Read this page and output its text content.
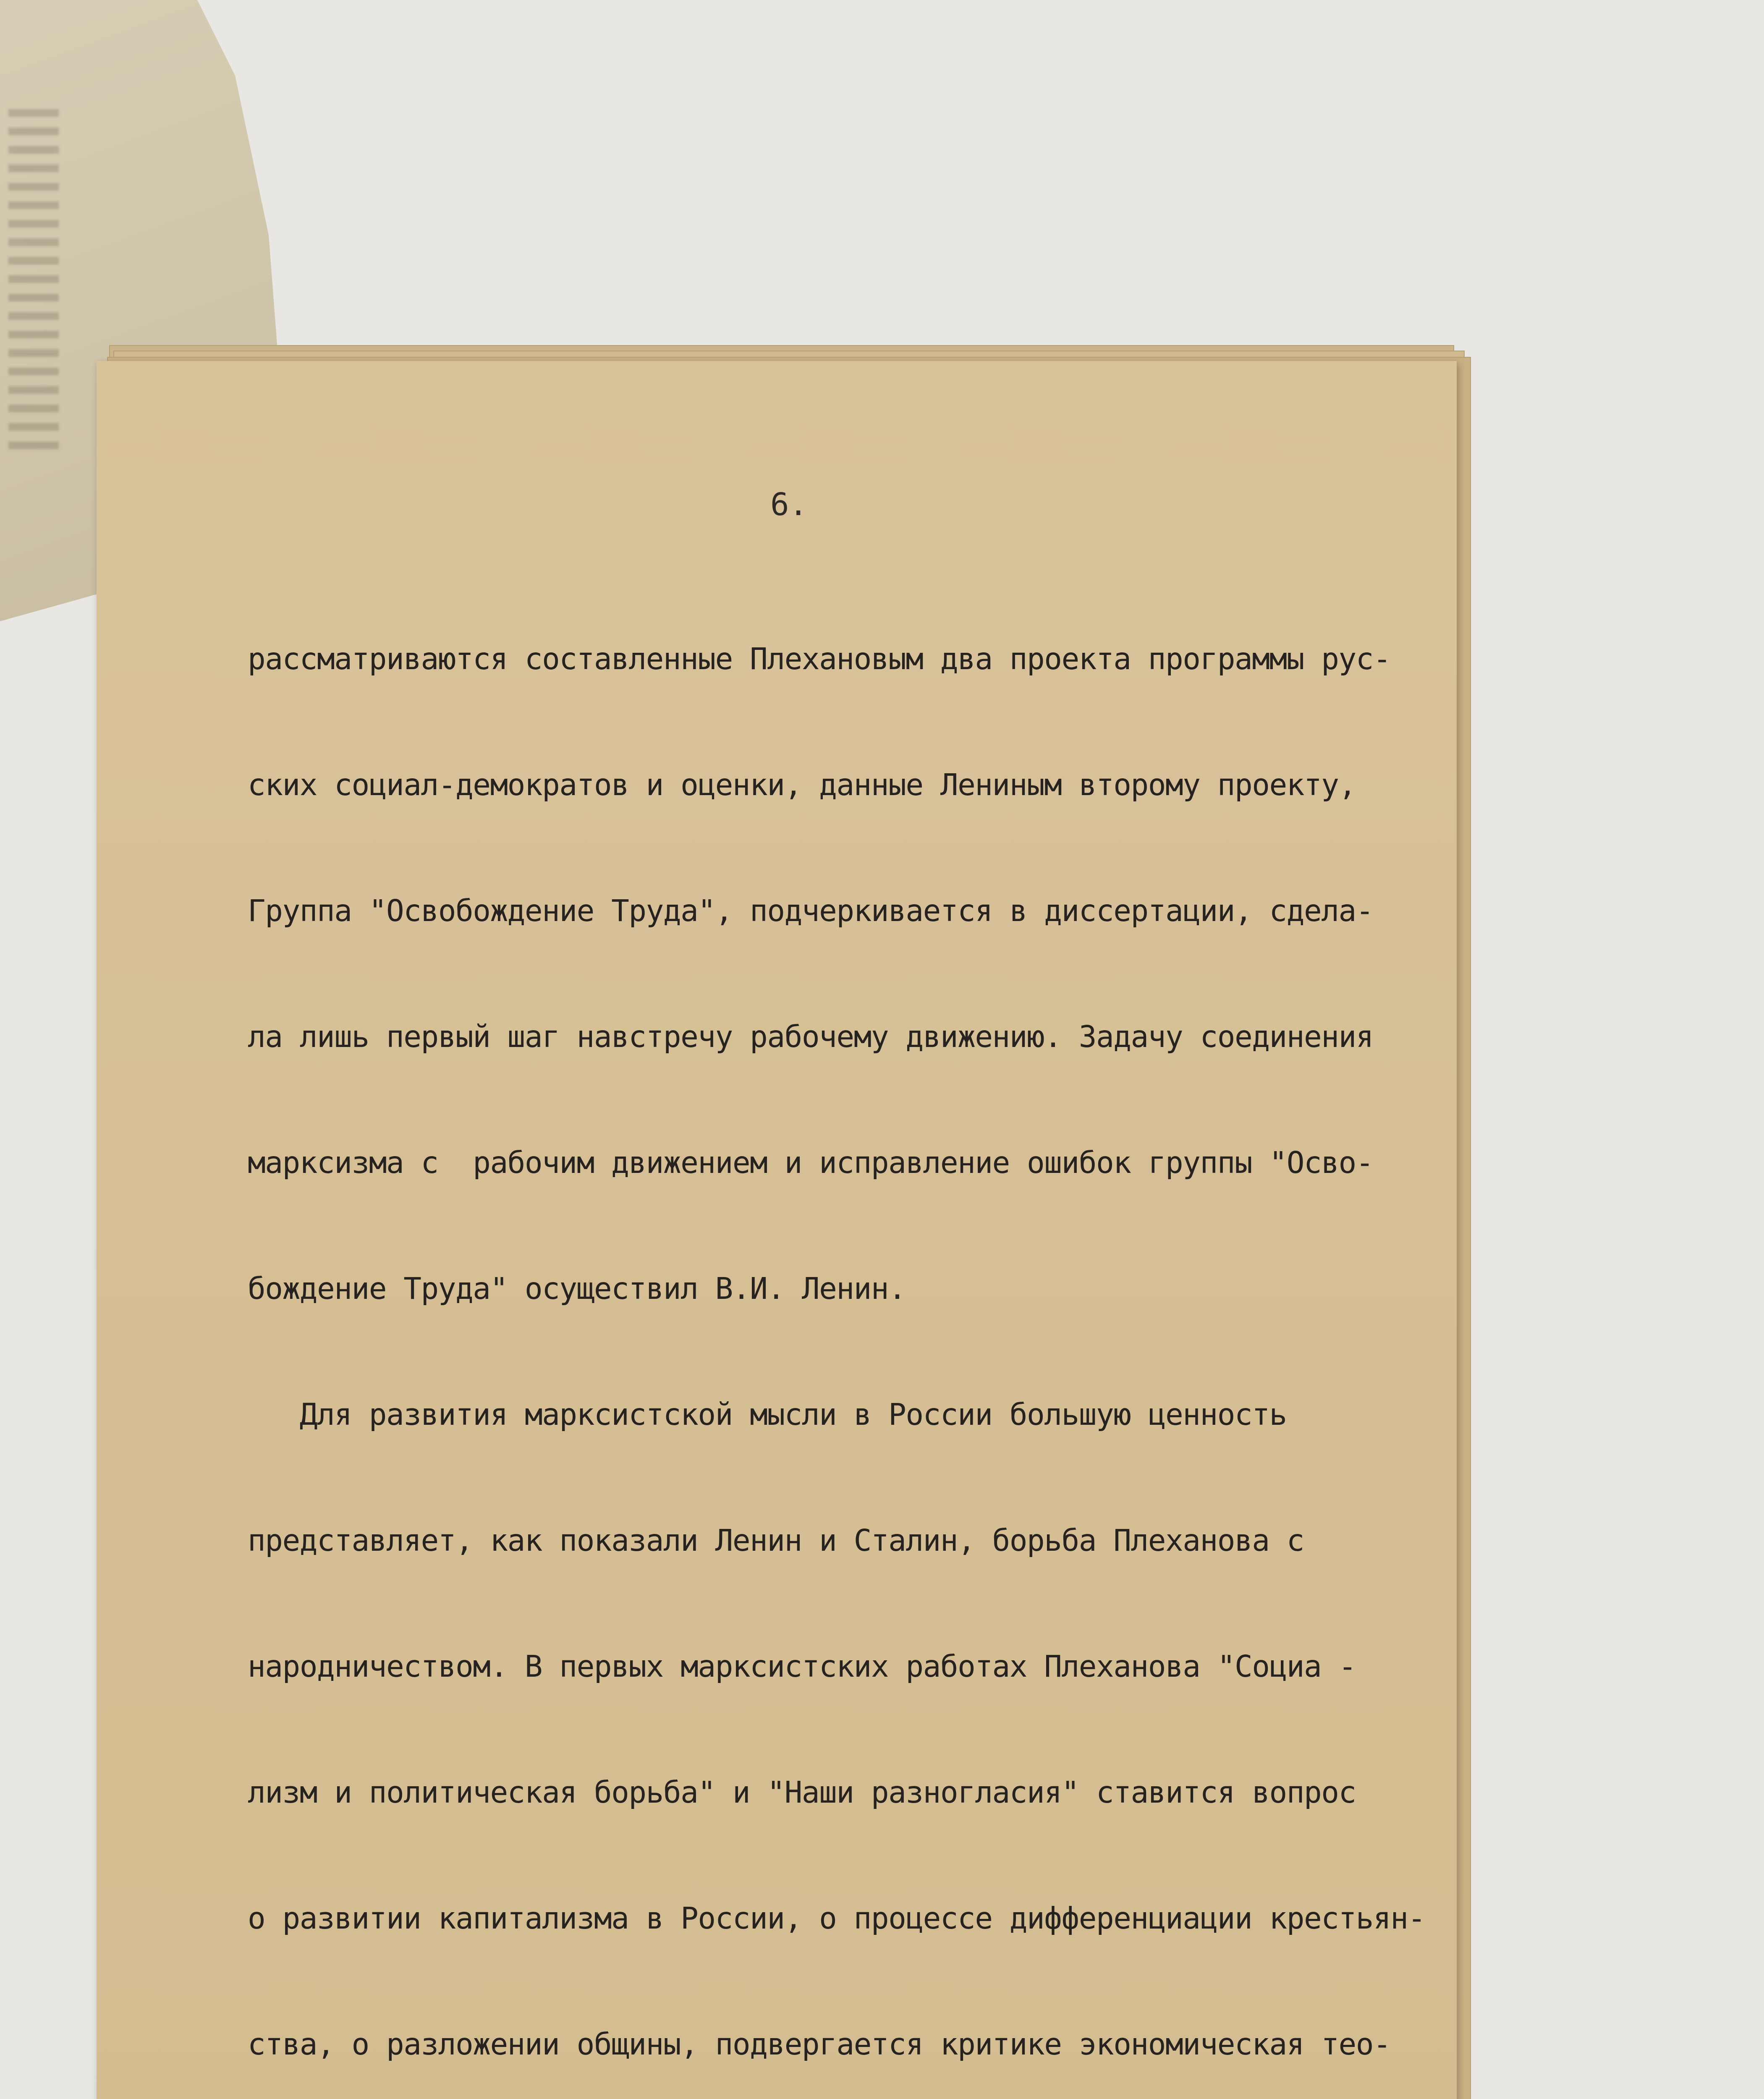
6.

рассматриваются составленные Плехановым два проекта программы рус-

ских социал-демократов и оценки, данные Лениным второму проекту,

Группа "Освобождение Труда", подчеркивается в диссертации, сдела-

ла лишь первый шаг навстречу рабочему движению. Задачу соединения

марксизма с  рабочим движением и исправление ошибок группы "Осво-

бождение Труда" осуществил В.И. Ленин.

Для развития марксистской мысли в России большую ценность

представляет, как показали Ленин и Сталин, борьба Плеханова с

народничеством. В первых марксистских работах Плеханова "Социа -

лизм и политическая борьба" и "Наши разногласия" ставится вопрос

о развитии капитализма в России, о процессе дифференциации крестьян-

ства, о разложении общины, подвергается критике экономическая тео-
